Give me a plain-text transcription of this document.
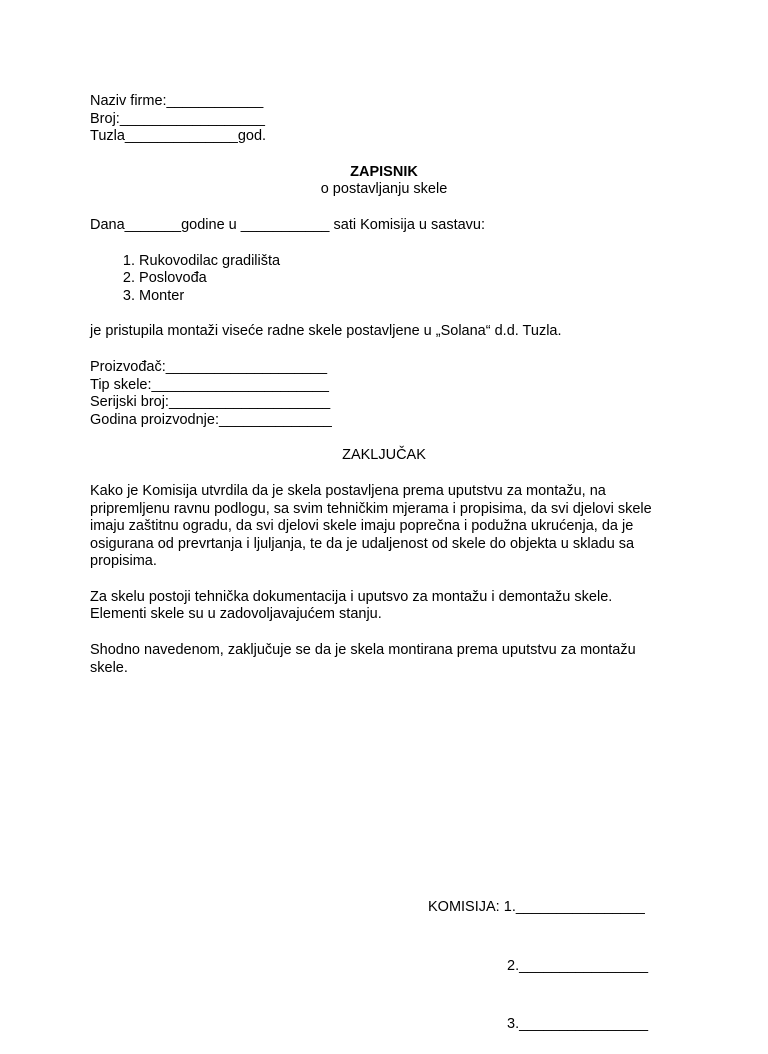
Naziv firme:____________
Broj:__________________
Tuzla______________god.
ZAPISNIK
o postavljanju skele
Dana_______godine u ___________ sati Komisija u sastavu:
1. Rukovodilac gradilišta
2. Poslovođa
3. Monter
je pristupila montaži viseće radne skele postavljene u „Solana“ d.d. Tuzla.
Proizvođač:____________________
Tip skele:______________________
Serijski broj:____________________
Godina proizvodnje:______________
ZAKLJUČAK
Kako je Komisija utvrdila da je skela postavljena prema uputstvu za montažu, na
pripremljenu ravnu podlogu, sa svim tehničkim mjerama i propisima, da svi djelovi skele
imaju zaštitnu ogradu, da svi djelovi skele imaju poprečna i podužna ukrućenja, da je
osigurana od prevrtanja i ljuljanja, te da je udaljenost od skele do objekta u skladu sa
propisima.
Za skelu postoji tehnička dokumentacija i uputsvo za montažu i demontažu skele.
Elementi skele su u zadovoljavajućem stanju.
Shodno navedenom, zaključuje se da je skela montirana prema uputstvu za montažu
skele.

KOMISIJA: 1.________________

2.________________

3.________________
